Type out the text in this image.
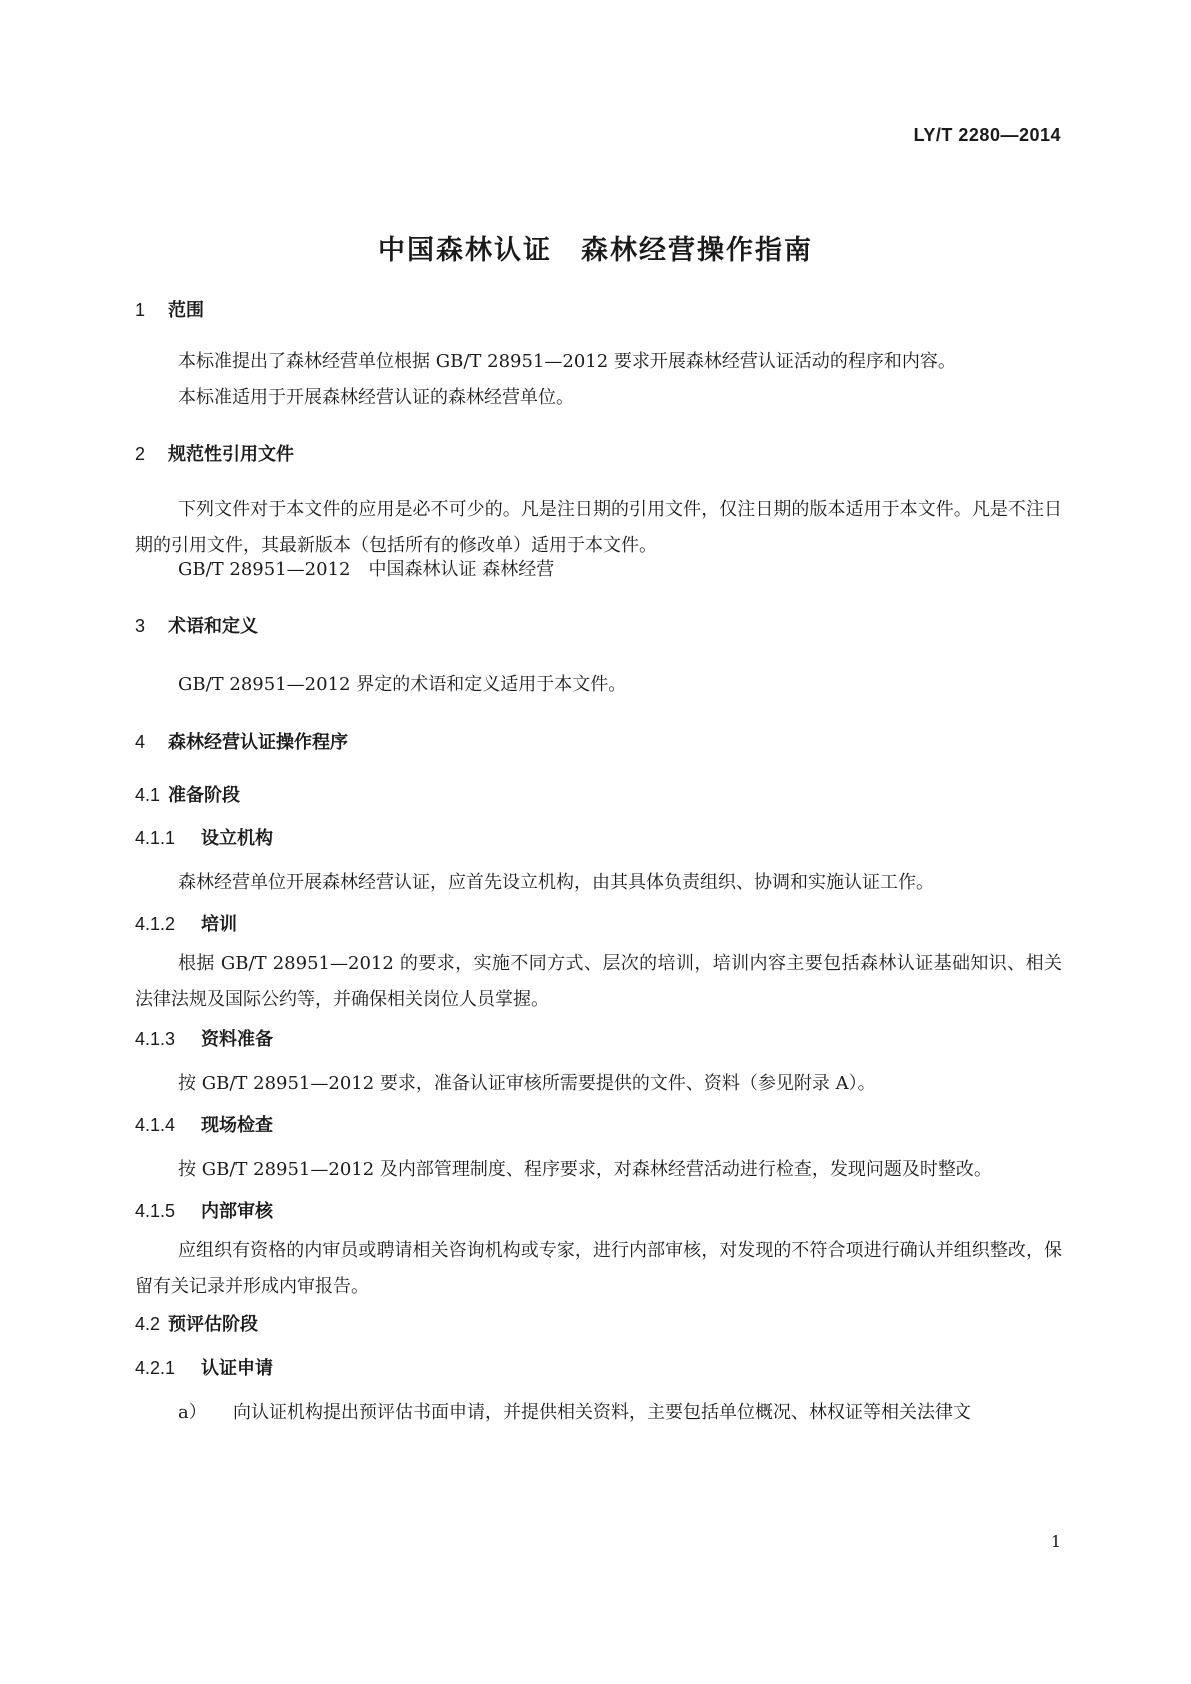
LY/T 2280—2014
中国森林认证　森林经营操作指南
1 范围
本标准提出了森林经营单位根据 GB/T 28951—2012 要求开展森林经营认证活动的程序和内容。
本标准适用于开展森林经营认证的森林经营单位。
2 规范性引用文件
下列文件对于本文件的应用是必不可少的。凡是注日期的引用文件，仅注日期的版本适用于本文件。凡是不注日期的引用文件，其最新版本（包括所有的修改单）适用于本文件。
GB/T 28951—2012　中国森林认证 森林经营
3 术语和定义
GB/T 28951—2012 界定的术语和定义适用于本文件。
4 森林经营认证操作程序
4.1 准备阶段
4.1.1 设立机构
森林经营单位开展森林经营认证，应首先设立机构，由其具体负责组织、协调和实施认证工作。
4.1.2 培训
根据 GB/T 28951—2012 的要求，实施不同方式、层次的培训，培训内容主要包括森林认证基础知识、相关法律法规及国际公约等，并确保相关岗位人员掌握。
4.1.3 资料准备
按 GB/T 28951—2012 要求，准备认证审核所需要提供的文件、资料（参见附录 A）。
4.1.4 现场检查
按 GB/T 28951—2012 及内部管理制度、程序要求，对森林经营活动进行检查，发现问题及时整改。
4.1.5 内部审核
应组织有资格的内审员或聘请相关咨询机构或专家，进行内部审核，对发现的不符合项进行确认并组织整改，保留有关记录并形成内审报告。
4.2 预评估阶段
4.2.1 认证申请
a） 向认证机构提出预评估书面申请，并提供相关资料，主要包括单位概况、林权证等相关法律文
1
